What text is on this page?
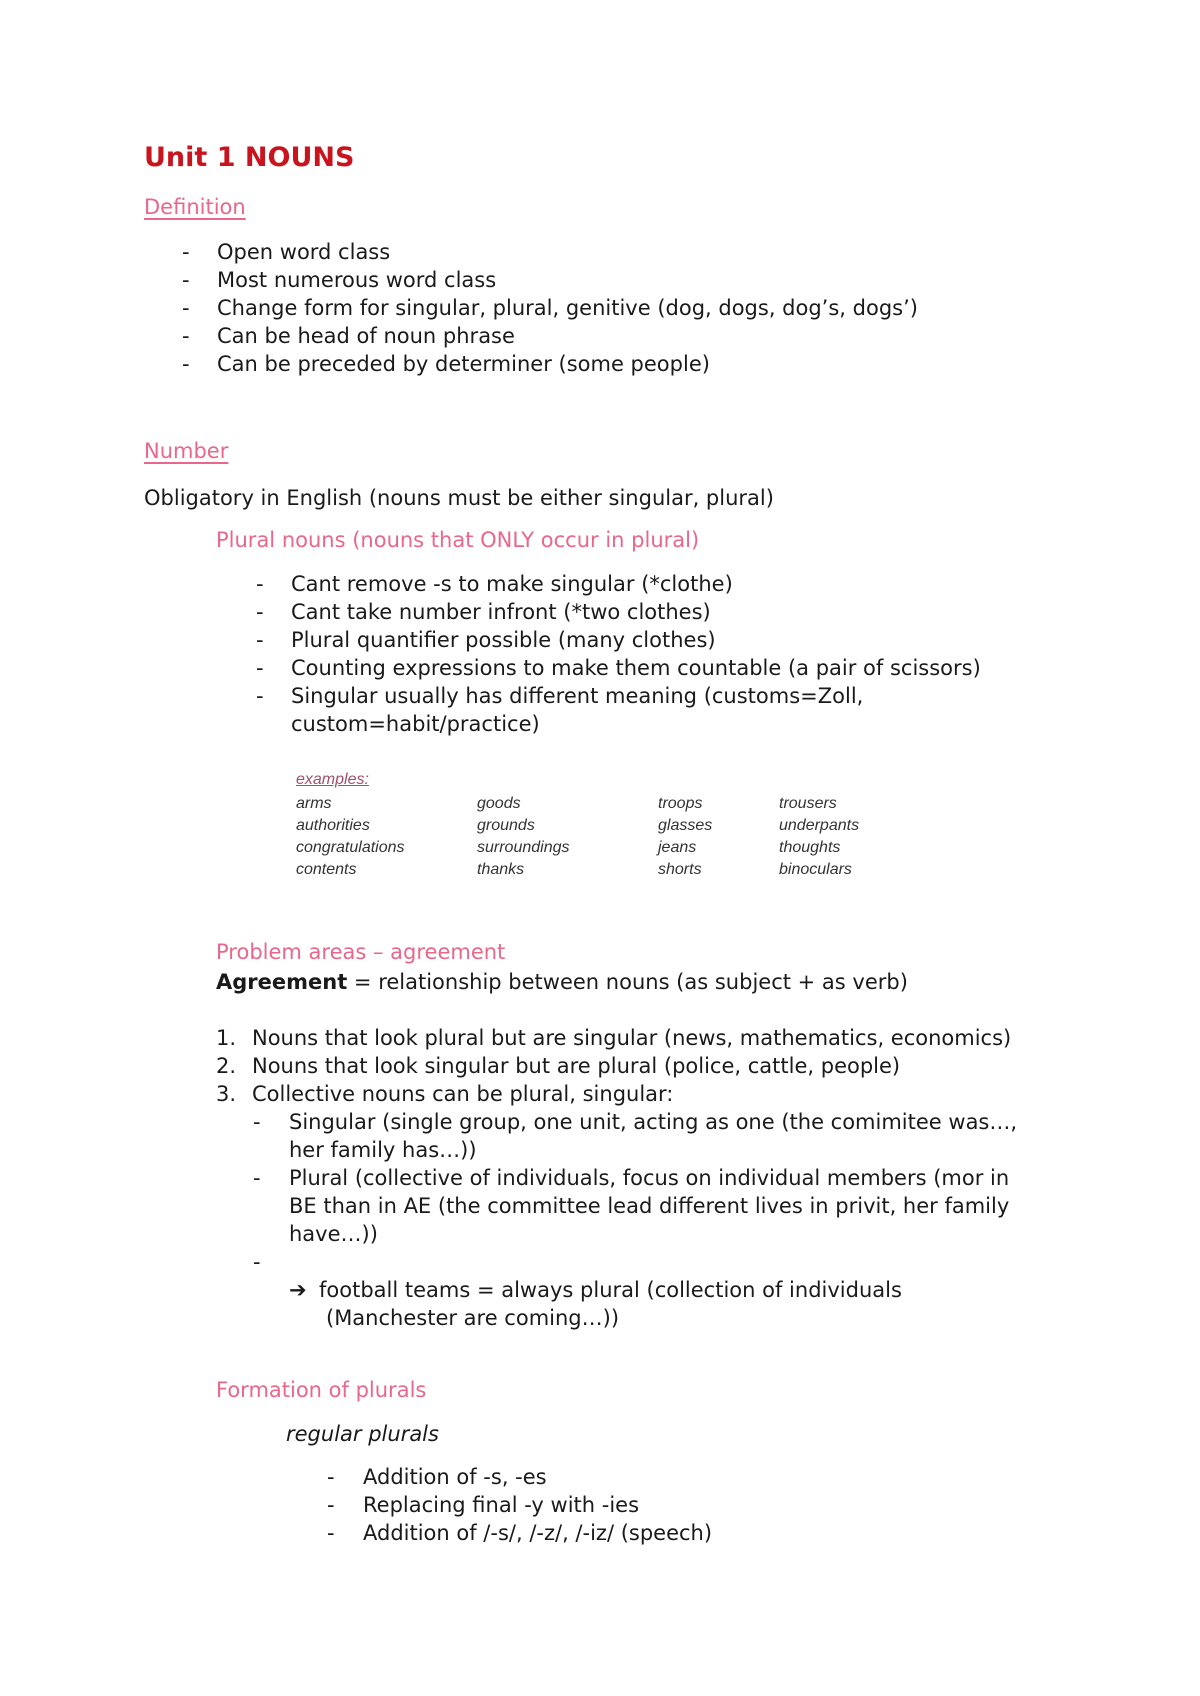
Unit 1 NOUNS
Definition
- Open word class
- Most numerous word class
- Change form for singular, plural, genitive (dog, dogs, dog’s, dogs’)
- Can be head of noun phrase
- Can be preceded by determiner (some people)
Number
Obligatory in English (nouns must be either singular, plural)
Plural nouns (nouns that ONLY occur in plural)
- Cant remove -s to make singular (*clothe)
- Cant take number infront (*two clothes)
- Plural quantifier possible (many clothes)
- Counting expressions to make them countable (a pair of scissors)
- Singular usually has different meaning (customs=Zoll,
custom=habit/practice)
examples:
arms
authorities
congratulations
contents
goods
grounds
surroundings
thanks
troops
glasses
jeans
shorts
trousers
underpants
thoughts
binoculars
Problem areas – agreement
Agreement = relationship between nouns (as subject + as verb)
1. Nouns that look plural but are singular (news, mathematics, economics)
2. Nouns that look singular but are plural (police, cattle, people)
3. Collective nouns can be plural, singular:
- Singular (single group, one unit, acting as one (the comimitee was…,
her family has…))
- Plural (collective of individuals, focus on individual members (mor in
BE than in AE (the committee lead different lives in privit, her family
have…))
-
➔ football teams = always plural (collection of individuals
(Manchester are coming…))
Formation of plurals
regular plurals
- Addition of -s, -es
- Replacing final -y with -ies
- Addition of /-s/, /-z/, /-iz/ (speech)
